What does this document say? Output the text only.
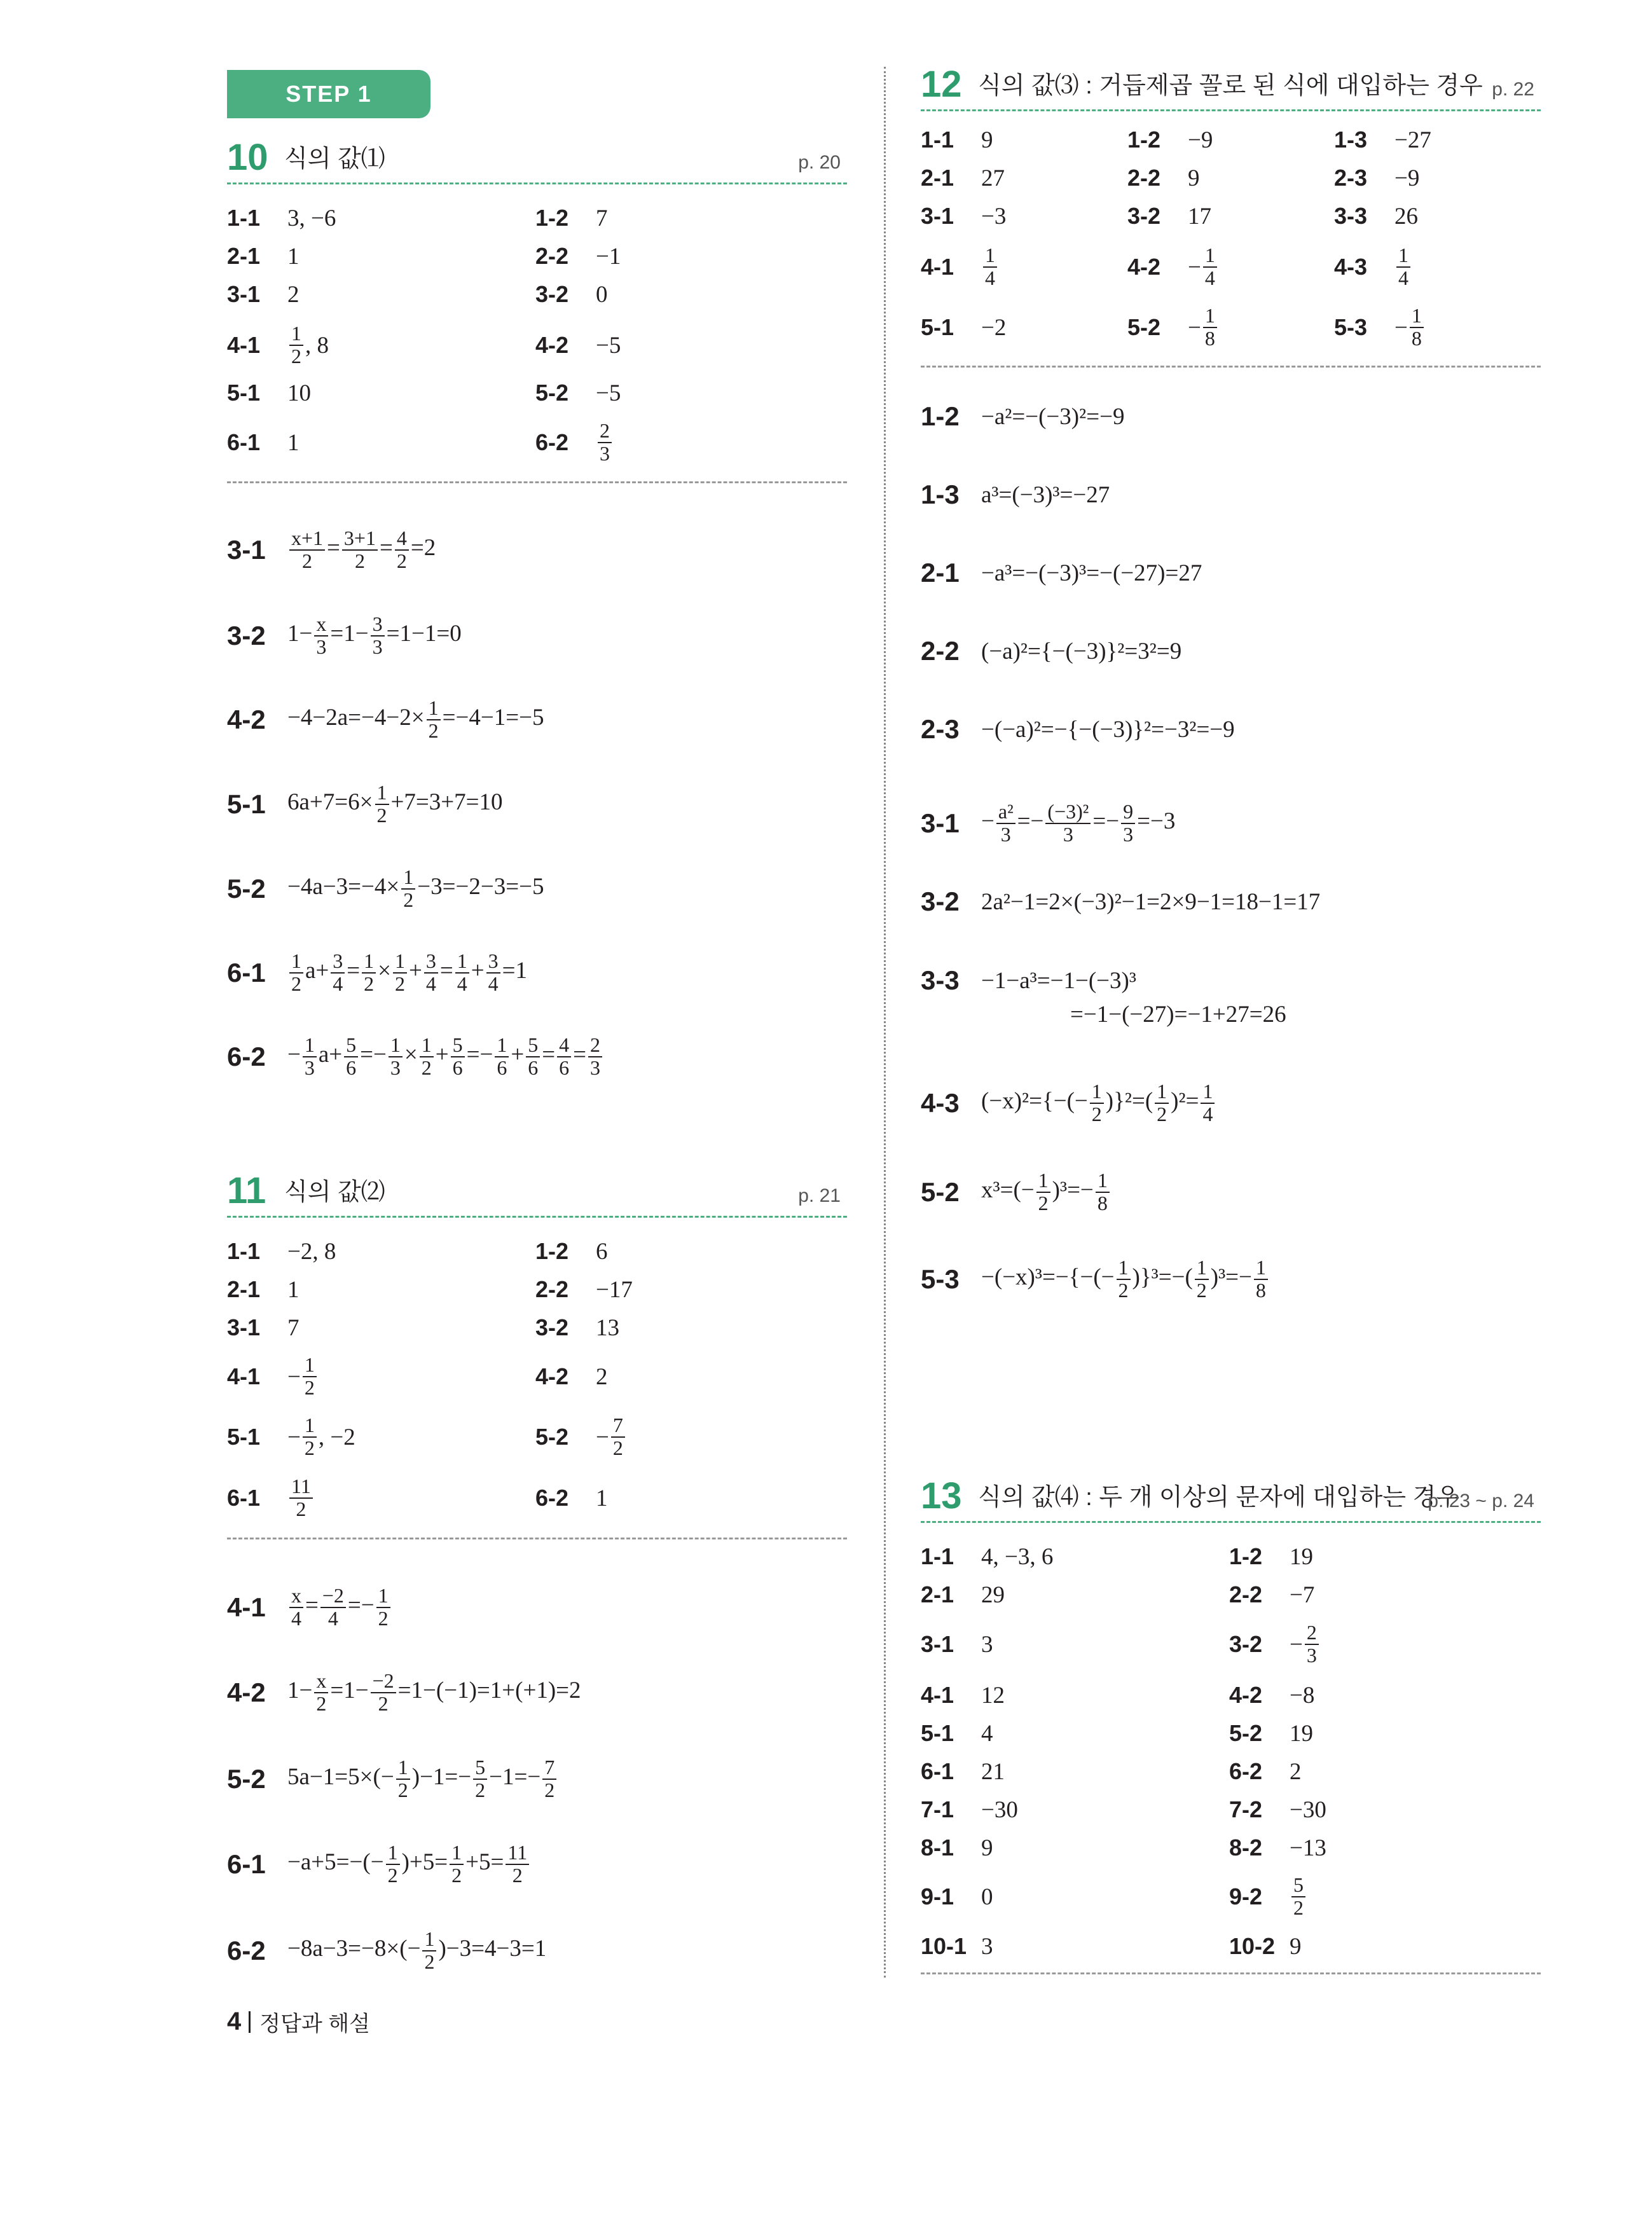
STEP 1
10 식의 값⑴	p. 20
1-1	3, −6	1-2	7
2-1	1	2-2	−1
3-1	2	3-2	0
4-1	$\frac{1}{2}$ , 8	4-2	−5
5-1	10	5-2	−5
6-1	1	6-2	$\frac{2}{3}$
3-1	$\frac{x+1}{2} = \frac{3+1}{2} = \frac{4}{2} =2$
3-2 $1- \frac{x}{3} =1- \frac{3}{3} =1-1=0$
$4-2 -4-2a=-4-2\times \frac{1}{2} =-4-1=-5$
5-1 $6a+7=6\times \frac{1}{2} +7=3+7=10$
$5-2 -4a-3=-4\times \frac{1}{2} -3=-2-3=-5$
6-1	$\frac{1}{2} a+ \frac{3}{4} = \frac{1}{2} \times \frac{1}{2} + \frac{3}{4} = \frac{1}{4} + \frac{3}{4} =1$
$6-2 - \frac{1}{3} a+ \frac{5}{6} =- \frac{1}{3} \times \frac{1}{2} + \frac{5}{6} =- \frac{1}{6} + \frac{5}{6} = \frac{4}{6} = \frac{2}{3}$
11 식의 값⑵	p. 21
1-1	−2, 8	1-2	6
2-1	1	2-2	−17
3-1	7	3-2	13
4-1	− $\frac{1}{2}$	4-2	2
5-1	− $\frac{1}{2}$ , −2	5-2	− $\frac{7}{2}$
6-1	$\frac{11}{2}$	6-2	1
4-1	$\frac{x}{4} = \frac{-2}{4} =- \frac{1}{2}$
4-2 $1- \frac{x}{2} =1- \frac{-2}{2} =1-(-1)=1+(+1)=2$
5-2 $5a-1=5\times(- \frac{1}{2} )-1=- \frac{5}{2} -1=- \frac{7}{2}$
$6-1 -a+5=-(- \frac{1}{2} )+5= \frac{1}{2} +5= \frac{11}{2}$
$6-2 -8a-3=-8\times(- \frac{1}{2} )-3=4-3=1$
12 식의 값⑶ : 거듭제곱 꼴로 된 식에 대입하는 경우 p. 22
1-1	9	1-2	−9	1-3	−27
2-1	27	2-2	9	2-3	−9
3-1	−3	3-2	17	3-3	26
4-1	$\frac{1}{4}$	4-2	− $\frac{1}{4}$	4-3	$\frac{1}{4}$
5-1	−2	5-2	− $\frac{1}{8}$	5-3	− $\frac{1}{8}$
1-2 −a²=−(−3)²=−9
1-3 a³=(−3)³=−27
2-1 −a³=−(−3)³=−(−27)=27
2-2 (−a)²={−(−3)}²=3²=9
2-3 −(−a)²=−{−(−3)}²=−3²=−9
$3-1 - \frac{\text{a²}}{3} =- \frac{\text{(−3)²}}{3} =- \frac{9}{3} =-3$
3-2 2a²−1=2×(−3)²−1=2×9−1=18−1=17
3-3 −1−a³=−1−(−3)³
=−1−(−27)=−1+27=26
4-3 $(-x)^2=\{-(- \frac{1}{2} )\}^2=( \frac{1}{2} )^2= \frac{1}{4}$
5-2 $x^3=(- \frac{1}{2} )^3=- \frac{1}{8}$
$5-3 -(-x)^3=-\{-(- \frac{1}{2} )\}^3=-( \frac{1}{2} )^3=- \frac{1}{8}$
13 식의 값⑷ : 두 개 이상의 문자에 대입하는 경우
p. 23 ~ p. 24
1-1	4, −3, 6	1-2	19
2-1	29	2-2	−7
3-1	3	3-2	− $\frac{2}{3}$
4-1	12	4-2	−8
5-1	4	5-2	19
6-1	21	6-2	2
7-1	−30	7-2	−30
8-1	9	8-2	−13
9-1	0	9-2	$\frac{5}{2}$
10-1 3	10-2 9
4 정답과 해설
